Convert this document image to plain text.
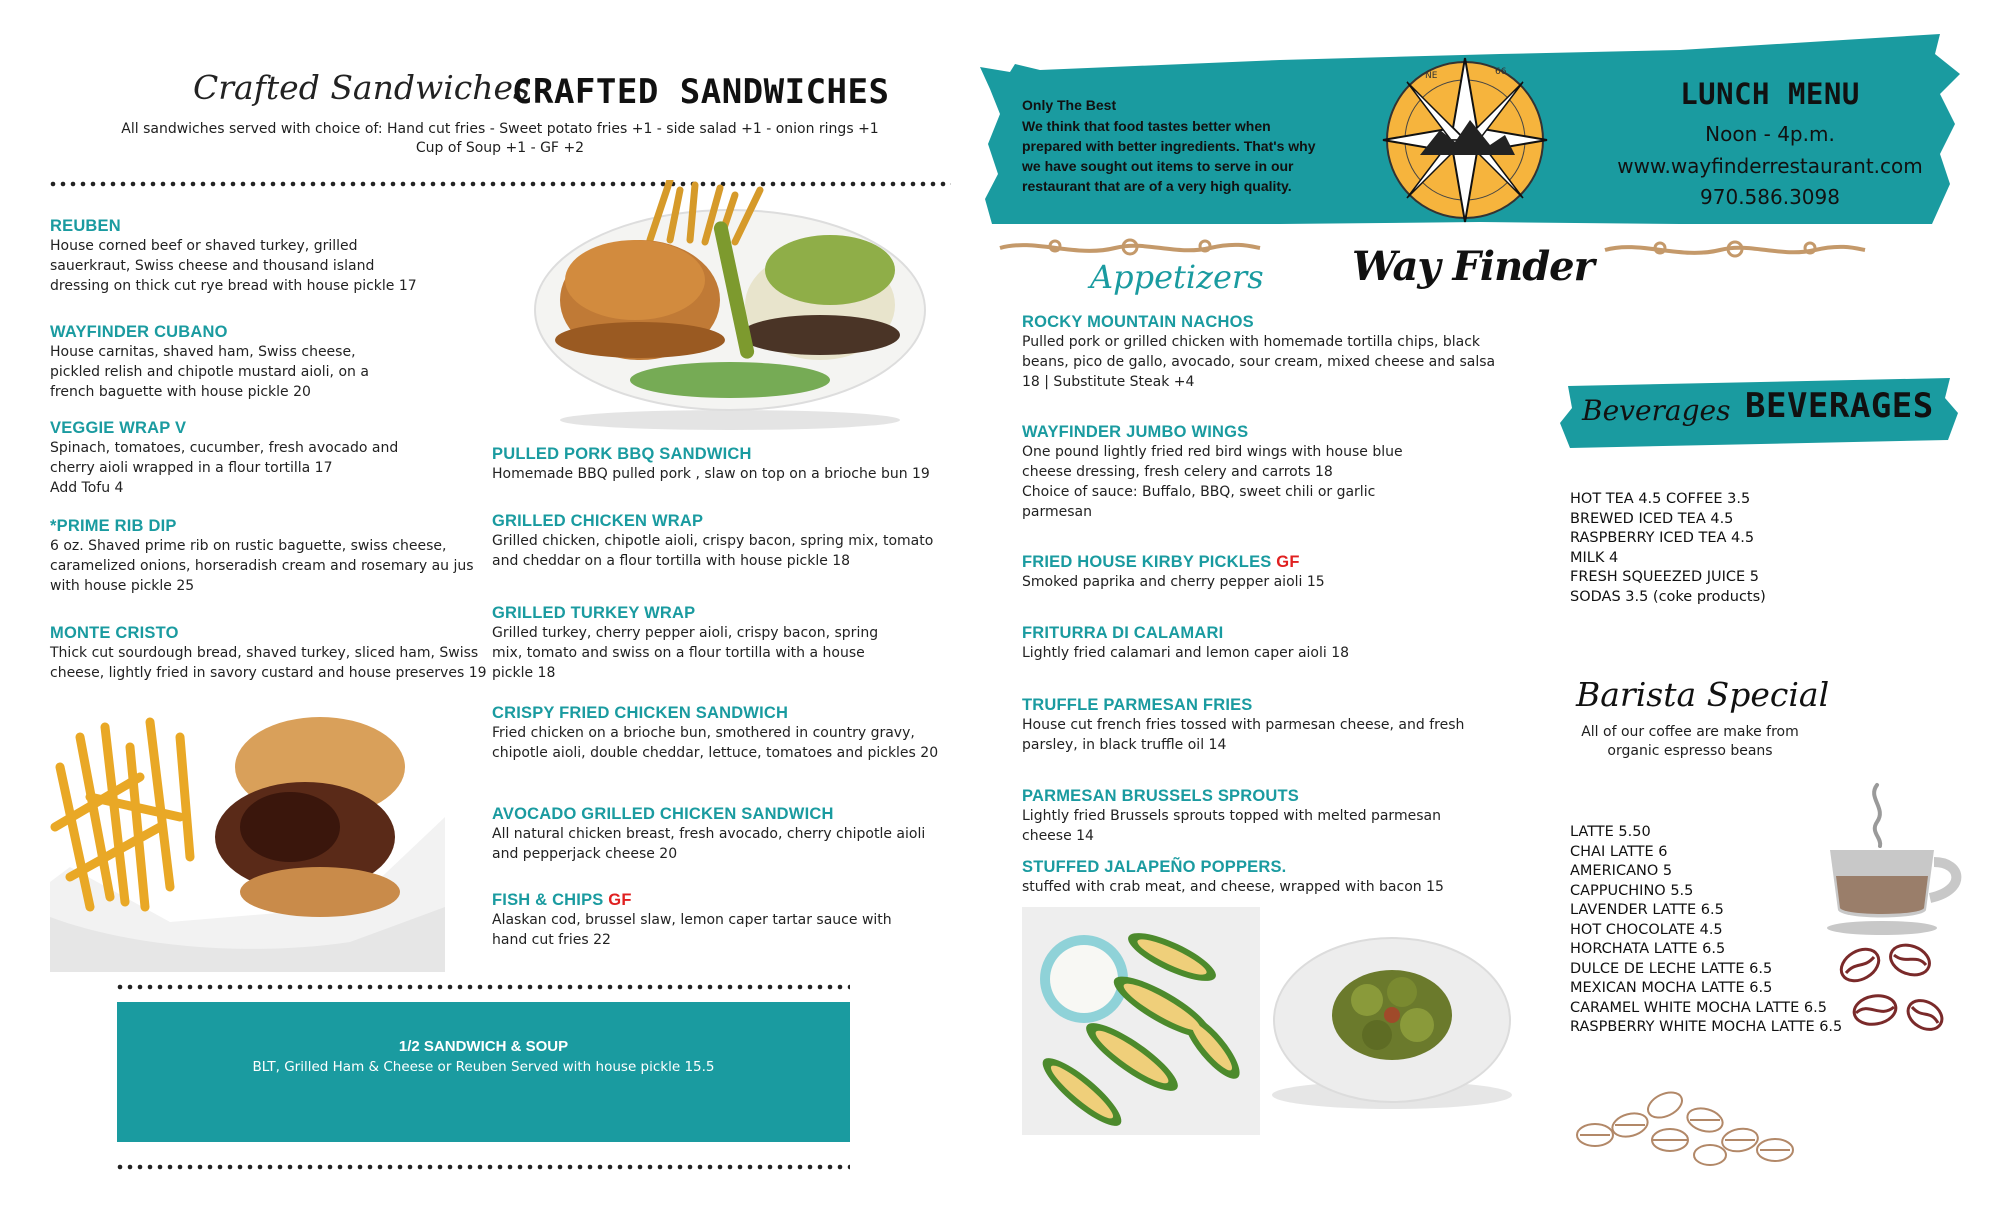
Crafted Sandwiches
CRAFTED SANDWICHES
All sandwiches served with choice of: Hand cut fries - Sweet potato fries +1 - side salad +1 - onion rings +1
Cup of Soup +1 - GF +2
REUBEN
House corned beef or shaved turkey, grilled
sauerkraut, Swiss cheese and thousand island
dressing on thick cut rye bread with house pickle 17
WAYFINDER CUBANO
House carnitas, shaved ham, Swiss cheese,
pickled relish and chipotle mustard aioli, on a
french baguette with house pickle 20
VEGGIE WRAP V
Spinach, tomatoes, cucumber, fresh avocado and
cherry aioli wrapped in a flour tortilla 17
Add Tofu 4
*PRIME RIB DIP
6 oz. Shaved prime rib on rustic baguette, swiss cheese,
caramelized onions, horseradish cream and rosemary au jus
with house pickle 25
MONTE CRISTO
Thick cut sourdough bread, shaved turkey, sliced ham, Swiss
cheese, lightly fried in savory custard and house preserves 19
PULLED PORK BBQ SANDWICH
Homemade BBQ pulled pork , slaw on top on a brioche bun 19
GRILLED CHICKEN WRAP
Grilled chicken, chipotle aioli, crispy bacon, spring mix, tomato
and cheddar on a flour tortilla with house pickle 18
GRILLED TURKEY WRAP
Grilled turkey, cherry pepper aioli, crispy bacon, spring
mix, tomato and swiss on a flour tortilla with a house
pickle 18
CRISPY FRIED CHICKEN SANDWICH
Fried chicken on a brioche bun, smothered in country gravy,
chipotle aioli, double cheddar, lettuce, tomatoes and pickles 20
AVOCADO GRILLED CHICKEN SANDWICH
All natural chicken breast, fresh avocado, cherry chipotle aioli
and pepperjack cheese 20
FISH & CHIPS GF
Alaskan cod, brussel slaw, lemon caper tartar sauce with
hand cut fries 22
1/2 SANDWICH & SOUP
BLT, Grilled Ham & Cheese or Reuben Served with house pickle 15.5
Only The Best
We think that food tastes better when
prepared with better ingredients. That's why
we have sought out items to serve in our
restaurant that are of a very high quality.
NE	66
LUNCH MENU
Noon - 4p.m.
www.wayfinderrestaurant.com
970.586.3098
Appetizers Way Finder
ROCKY MOUNTAIN NACHOS
Pulled pork or grilled chicken with homemade tortilla chips, black
beans, pico de gallo, avocado, sour cream, mixed cheese and salsa
18 | Substitute Steak +4
WAYFINDER JUMBO WINGS
One pound lightly fried red bird wings with house blue
cheese dressing, fresh celery and carrots 18
Choice of sauce: Buffalo, BBQ, sweet chili or garlic
parmesan
FRIED HOUSE KIRBY PICKLES GF
Smoked paprika and cherry pepper aioli 15
FRITURRA DI CALAMARI
Lightly fried calamari and lemon caper aioli 18
TRUFFLE PARMESAN FRIES
House cut french fries tossed with parmesan cheese, and fresh
parsley, in black truffle oil 14
PARMESAN BRUSSELS SPROUTS
Lightly fried Brussels sprouts topped with melted parmesan
cheese 14
STUFFED JALAPEÑO POPPERS.
stuffed with crab meat, and cheese, wrapped with bacon 15
Beverages BEVERAGES
HOT TEA 4.5 COFFEE 3.5
BREWED ICED TEA 4.5
RASPBERRY ICED TEA 4.5
MILK 4
FRESH SQUEEZED JUICE 5
SODAS 3.5 (coke products)
Barista Special
All of our coffee are make from
organic espresso beans
LATTE 5.50
CHAI LATTE 6
AMERICANO 5
CAPPUCHINO 5.5
LAVENDER LATTE 6.5
HOT CHOCOLATE 4.5
HORCHATA LATTE 6.5
DULCE DE LECHE LATTE 6.5
MEXICAN MOCHA LATTE 6.5
CARAMEL WHITE MOCHA LATTE 6.5
RASPBERRY WHITE MOCHA LATTE 6.5
